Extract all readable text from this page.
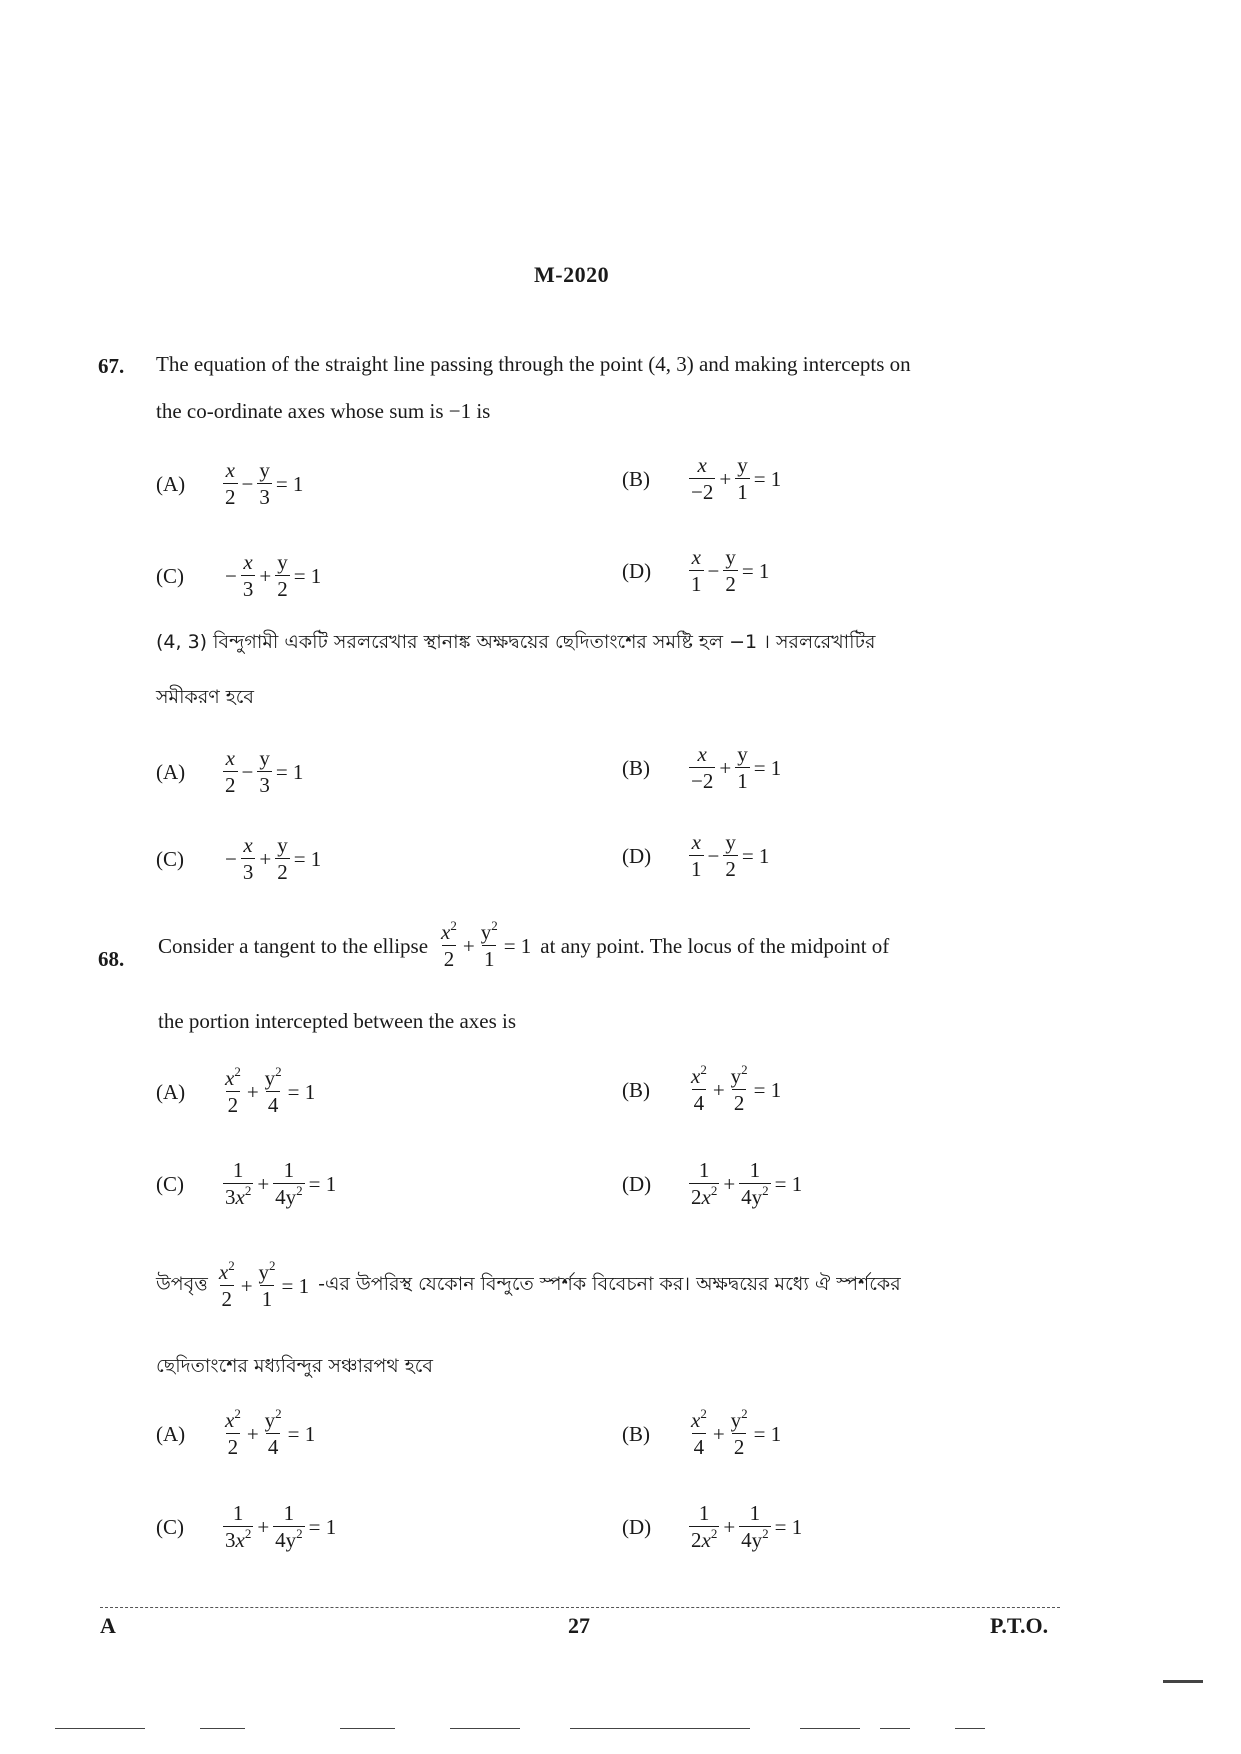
M-2020
67. The equation of the straight line passing through the point (4, 3) and making intercepts on
the co-ordinate axes whose sum is −1 is
(A)	$\frac{x}{2} - \frac{y}{3} = 1$	(B)	$\frac{x}{-2} + \frac{y}{1} = 1$
(C)	− $\frac{x}{3} + \frac{y}{2} = 1$	(D)	$\frac{x}{1} - \frac{y}{2} = 1$
(4, 3) বিন্দুগামী একটি সরলরেখার স্থানাঙ্ক অক্ষদ্বয়ের ছেদিতাংশের সমষ্টি হল −1 । সরলরেখাটির
সমীকরণ হবে
(A)	$\frac{x}{2} - \frac{y}{3} = 1$	(B)	$\frac{x}{-2} + \frac{y}{1} = 1$
(C)	− $\frac{x}{3} + \frac{y}{2} = 1$	(D)	$\frac{x}{1} - \frac{y}{2} = 1$
68.
Consider a tangent to the ellipse $\frac{x^2}{2} + \frac{y^2}{1} = 1$ at any point. The locus of the midpoint of
the portion intercepted between the axes is
(A)	$\frac{x^2}{2} + \frac{y^2}{4} = 1$	(B)	$\frac{x^2}{4} + \frac{y^2}{2} = 1$
(C)	$\frac{1}{3x^2} + \frac{1}{4y^2} = 1$	(D)	$\frac{1}{2x^2} + \frac{1}{4y^2} = 1$
উপবৃত্ত $\frac{x^2}{2} + \frac{y^2}{1} = 1$ -এর উপরিস্থ যেকোন বিন্দুতে স্পর্শক বিবেচনা কর। অক্ষদ্বয়ের মধ্যে ঐ স্পর্শকের
ছেদিতাংশের মধ্যবিন্দুর সঞ্চারপথ হবে
(A)	$\frac{x^2}{2} + \frac{y^2}{4} = 1$	(B)	$\frac{x^2}{4} + \frac{y^2}{2} = 1$
(C)	$\frac{1}{3x^2} + \frac{1}{4y^2} = 1$	(D)	$\frac{1}{2x^2} + \frac{1}{4y^2} = 1$
A	27	P.T.O.
